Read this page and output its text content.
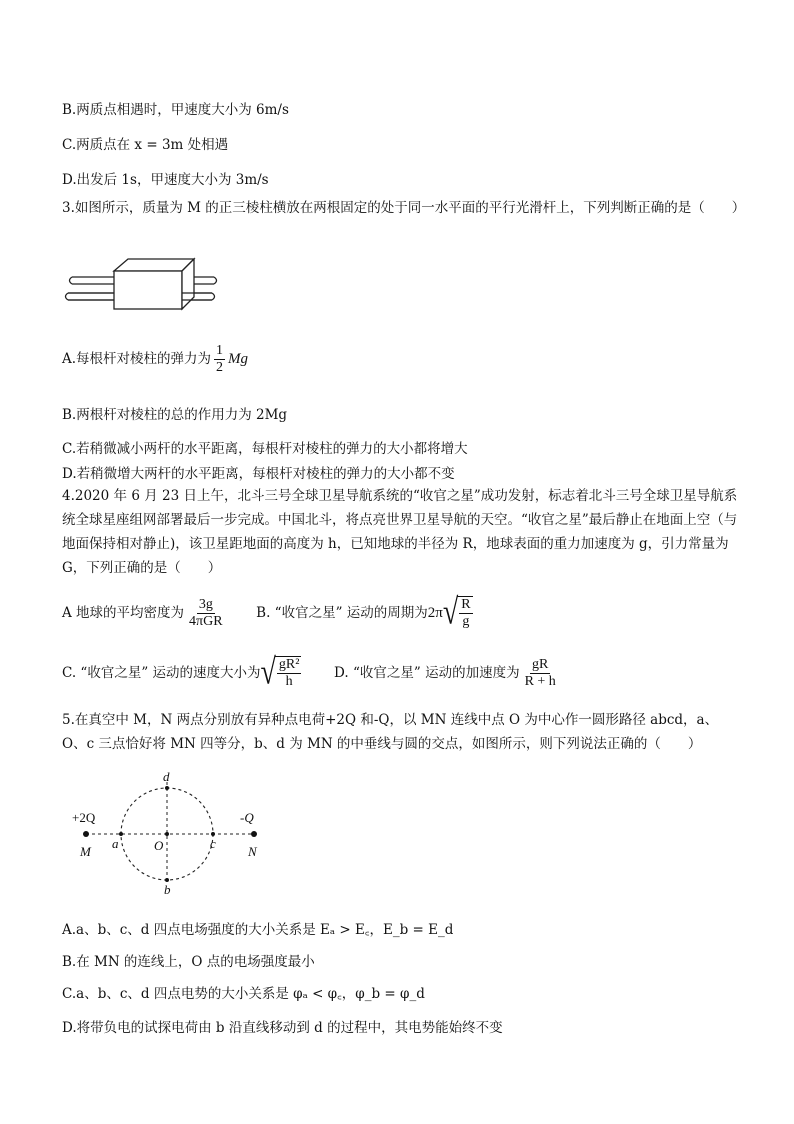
B.两质点相遇时，甲速度大小为 6m/s
C.两质点在 x = 3m 处相遇
D.出发后 1s，甲速度大小为 3m/s
3.如图所示，质量为 M 的正三棱柱横放在两根固定的处于同一水平面的平行光滑杆上，下列判断正确的是（　　）
A.每根杆对棱柱的弹力为 $\frac{1}{2}$ Mg
B.两根杆对棱柱的总的作用力为 2Mg
C.若稍微减小两杆的水平距离，每根杆对棱柱的弹力的大小都将增大
D.若稍微增大两杆的水平距离，每根杆对棱柱的弹力的大小都不变
4.2020 年 6 月 23 日上午，北斗三号全球卫星导航系统的“收官之星”成功发射，标志着北斗三号全球卫星导航系统全球星座组网部署最后一步完成。中国北斗，将点亮世界卫星导航的天空。“收官之星”最后静止在地面上空（与地面保持相对静止)，该卫星距地面的高度为 h，已知地球的半径为 R，地球表面的重力加速度为 g，引力常量为 G，下列正确的是（　　）
A 地球的平均密度为 $\frac{3g}{\text{4πGR}} B$. “收官之星” 运动的周期为2π √ $\frac{R}{g}$
C. “收官之星” 运动的速度大小为 √ $\frac{\text{gR²}}{h} D$. “收官之星” 运动的加速度为 $\frac{gR}{R + h}$
5.在真空中 M，N 两点分别放有异种点电荷+2Q 和-Q，以 MN 连线中点 O 为中心作一圆形路径 abcd，a、O、c 三点恰好将 MN 四等分，b、d 为 MN 的中垂线与圆的交点，如图所示，则下列说法正确的（　　）
+2Q	-Q
M	N
a	O	c
b
d
A.a、b、c、d 四点电场强度的大小关系是 Eₐ > E꜀，E_b = E_d
B.在 MN 的连线上，O 点的电场强度最小
C.a、b、c、d 四点电势的大小关系是 φₐ < φ꜀，φ_b = φ_d
D.将带负电的试探电荷由 b 沿直线移动到 d 的过程中，其电势能始终不变
